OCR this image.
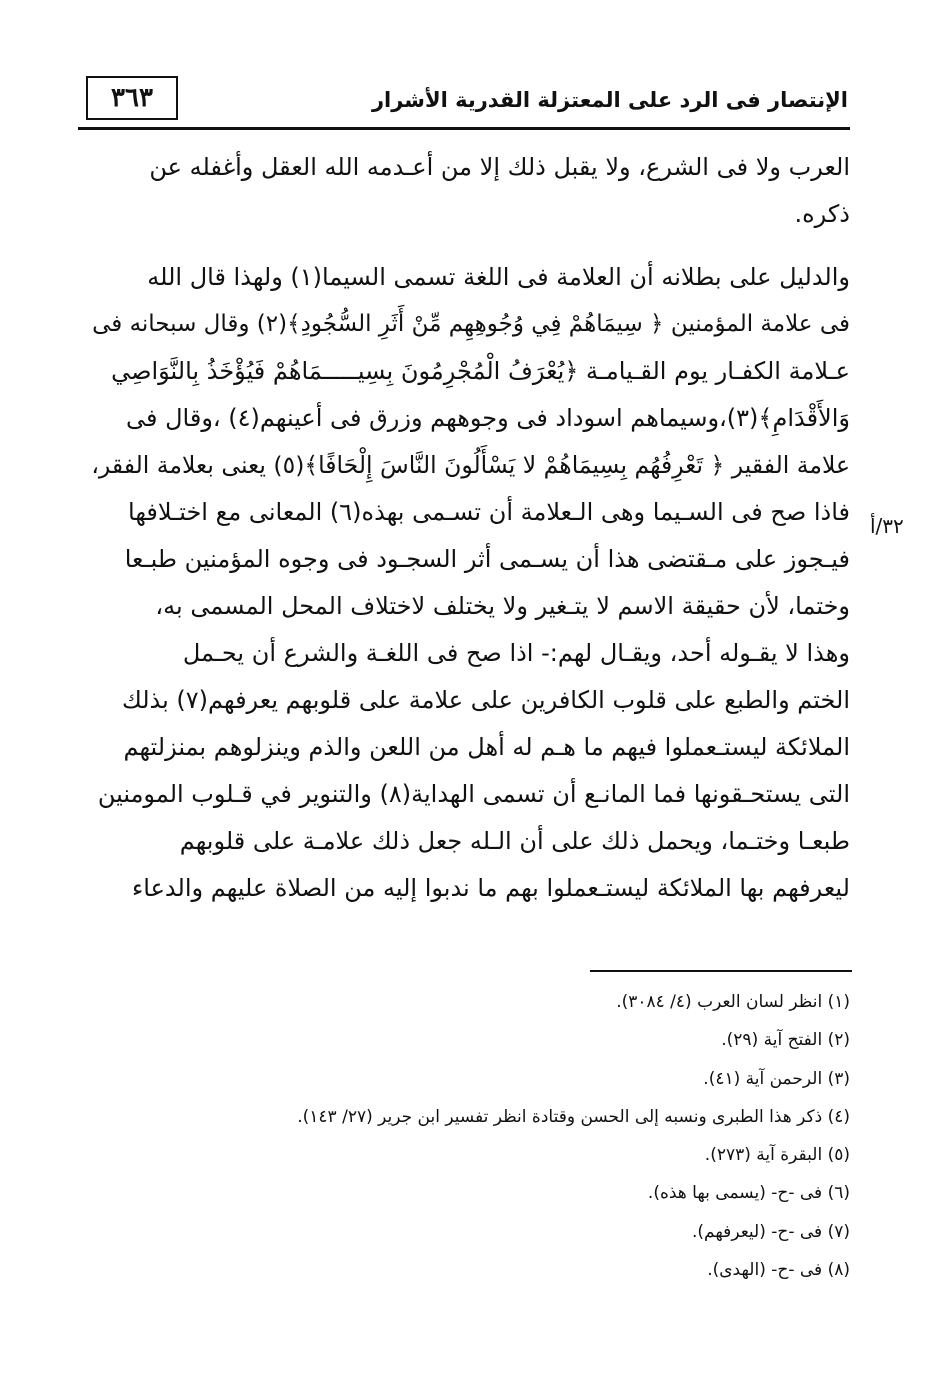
٣٦٣	الإنتصار فى الرد على المعتزلة القدرية الأشرار
٣٢/أ
العرب ولا فى الشرع، ولا يقبل ذلك إلا من أعـدمه الله العقل وأغفله عن
ذكره.
والدليل على بطلانه أن العلامة فى اللغة تسمى السيما(١) ولهذا قال الله
فى علامة المؤمنين ﴿ سِيمَاهُمْ فِي وُجُوهِهِم مِّنْ أَثَرِ السُّجُودِ﴾(٢) وقال سبحانه فى
عـلامة الكفـار يوم القـيامـة ﴿يُعْرَفُ الْمُجْرِمُونَ بِسِيـــــمَاهُمْ فَيُؤْخَذُ بِالنَّوَاصِي
وَالأَقْدَامِ﴾(٣)،وسيماهم اسوداد فى وجوههم وزرق فى أعينهم(٤) ،وقال فى
علامة الفقير ﴿ تَعْرِفُهُم بِسِيمَاهُمْ لا يَسْأَلُونَ النَّاسَ إِلْحَافًا﴾(٥) يعنى بعلامة الفقر،
فاذا صح فى السـيما وهى الـعلامة أن تسـمى بهذه(٦) المعانى مع اختـلافها
فيـجوز على مـقتضى هذا أن يسـمى أثر السجـود فى وجوه المؤمنين طبـعا
وختما، لأن حقيقة الاسم لا يتـغير ولا يختلف لاختلاف المحل المسمى به،
وهذا لا يقـوله أحد، ويقـال لهم:- اذا صح فى اللغـة والشرع أن يحـمل
الختم والطبع على قلوب الكافرين على علامة على قلوبهم يعرفهم(٧) بذلك
الملائكة ليستـعملوا فيهم ما هـم له أهل من اللعن والذم وينزلوهم بمنزلتهم
التى يستحـقونها فما المانـع أن تسمى الهداية(٨) والتنوير في قـلوب المومنين
طبعـا وختـما، ويحمل ذلك على أن الـله جعل ذلك علامـة على قلوبهم
ليعرفهم بها الملائكة ليستـعملوا بهم ما ندبوا إليه من الصلاة عليهم والدعاء
(١) انظر لسان العرب (٤/ ٣٠٨٤).
(٢) الفتح آية (٢٩).
(٣) الرحمن آية (٤١).
(٤) ذكر هذا الطبرى ونسبه إلى الحسن وقتادة انظر تفسير ابن جرير (٢٧/ ١٤٣).
(٥) البقرة آية (٢٧٣).
(٦) فى -ح- (يسمى بها هذه).
(٧) فى -ح- (ليعرفهم).
(٨) فى -ح- (الهدى).
